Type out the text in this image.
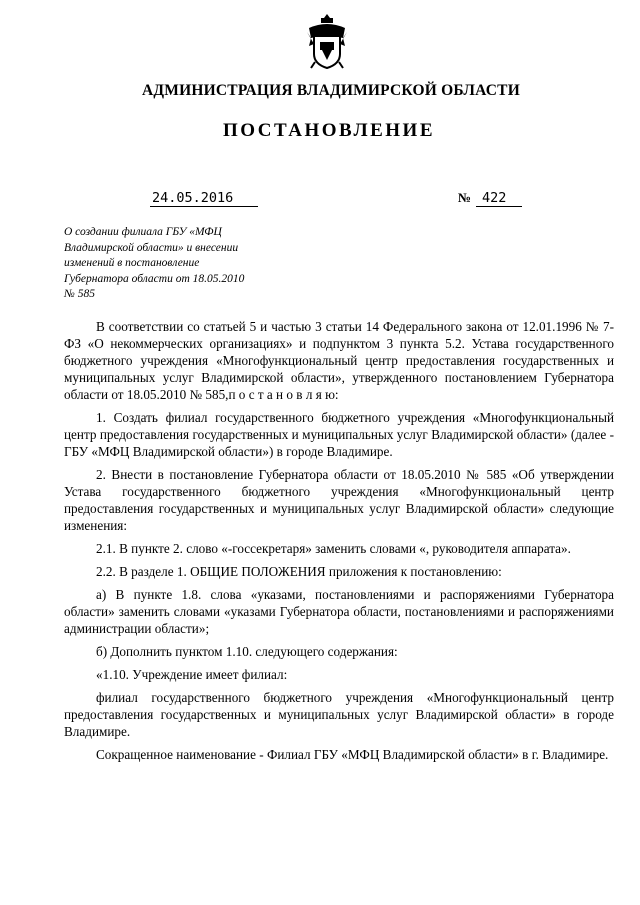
АДМИНИСТРАЦИЯ ВЛАДИМИРСКОЙ ОБЛАСТИ
ПОСТАНОВЛЕНИЕ
24.05.2016	№ 422
О создании филиала ГБУ «МФЦ
Владимирской области» и внесении
изменений в постановление
Губернатора области от 18.05.2010
№ 585

В соответствии со статьей 5 и частью 3 статьи 14 Федерального закона от 12.01.1996 № 7-ФЗ «О некоммерческих организациях» и подпунктом 3 пункта 5.2. Устава государственного бюджетного учреждения «Многофункциональный центр предоставления государственных и муниципальных услуг Владимирской области», утвержденного постановлением Губернатора области от 18.05.2010 № 585,п о с т а н о в л я ю:

1. Создать филиал государственного бюджетного учреждения «Многофункциональный центр предоставления государственных и муниципальных услуг Владимирской области» (далее - ГБУ «МФЦ Владимирской области») в городе Владимире.

2. Внести в постановление Губернатора области от 18.05.2010 № 585 «Об утверждении Устава государственного бюджетного учреждения «Многофункциональный центр предоставления государственных и муниципальных услуг Владимирской области» следующие изменения:

2.1. В пункте 2. слово «-госсекретаря» заменить словами «, руководителя аппарата».

2.2. В разделе 1. ОБЩИЕ ПОЛОЖЕНИЯ приложения к постановлению:

а) В пункте 1.8. слова «указами, постановлениями и распоряжениями Губернатора области» заменить словами «указами Губернатора области, постановлениями и распоряжениями администрации области»;

б) Дополнить пунктом 1.10. следующего содержания:

«1.10. Учреждение имеет филиал:

филиал государственного бюджетного учреждения «Многофункциональный центр предоставления государственных и муниципальных услуг Владимирской области» в городе Владимире.

Сокращенное наименование - Филиал ГБУ «МФЦ Владимирской области» в г. Владимире.
